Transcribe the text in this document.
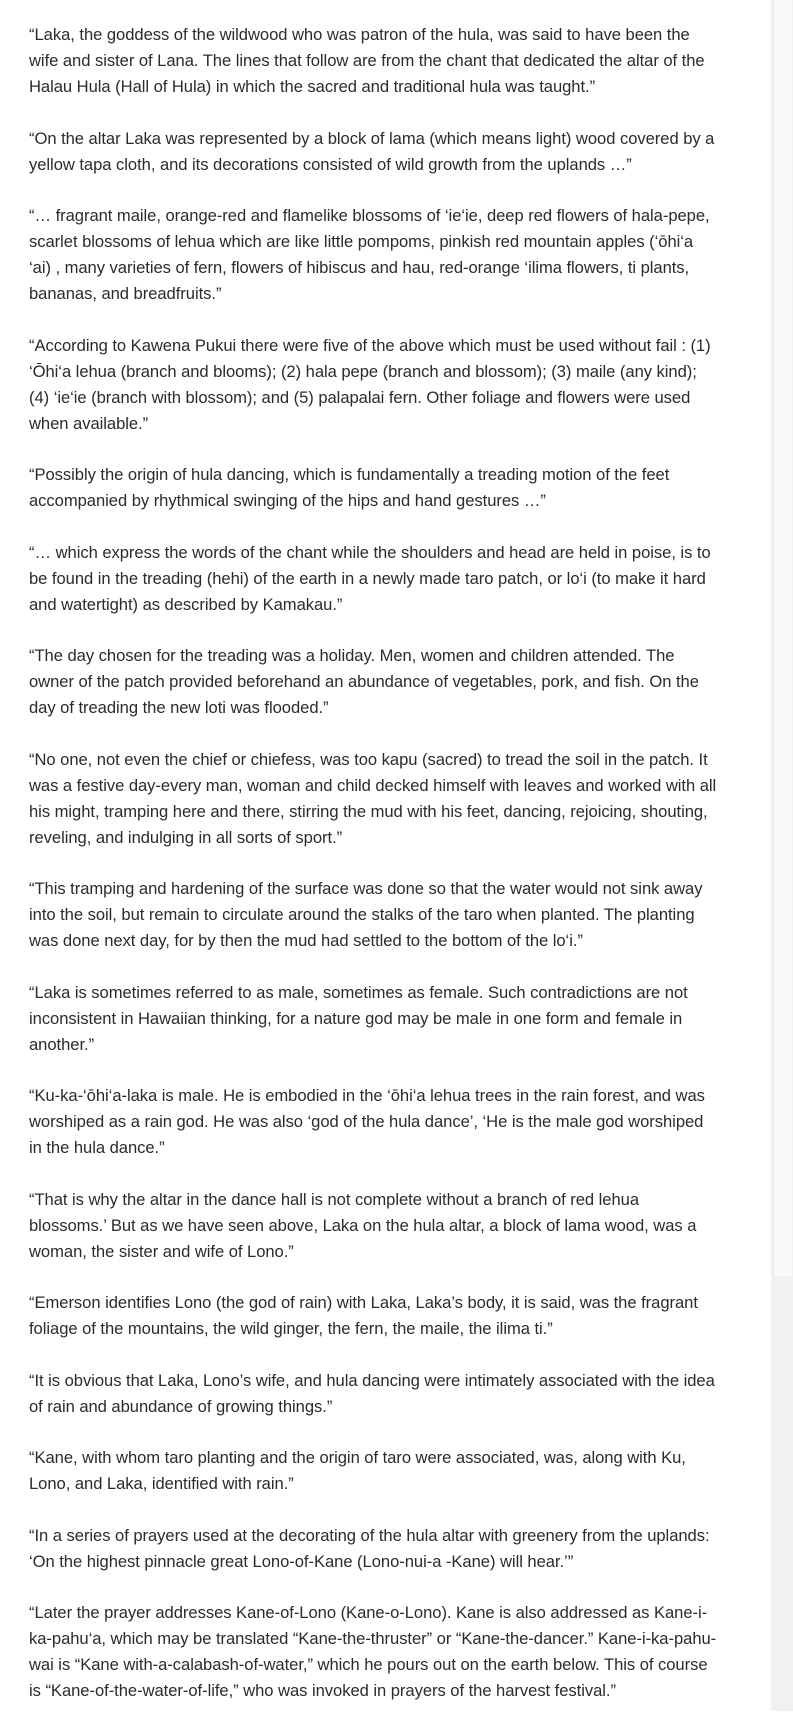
“Laka, the goddess of the wildwood who was patron of the hula, was said to have been the wife and sister of Lana. The lines that follow are from the chant that dedicated the altar of the Halau Hula (Hall of Hula) in which the sacred and traditional hula was taught.”

“On the altar Laka was represented by a block of lama (which means light) wood covered by a yellow tapa cloth, and its decorations consisted of wild growth from the uplands …”

“… fragrant maile, orange-red and flamelike blossoms of ‘ie‘ie, deep red flowers of hala-pepe, scarlet blossoms of lehua which are like little pompoms, pinkish red mountain apples (‘ōhi‘a ‘ai) , many varieties of fern, flowers of hibiscus and hau, red-orange ‘ilima flowers, ti plants, bananas, and breadfruits.”

“According to Kawena Pukui there were five of the above which must be used without fail : (1) ‘Ōhi‘a lehua (branch and blooms); (2) hala pepe (branch and blossom); (3) maile (any kind); (4) ‘ie‘ie (branch with blossom); and (5) palapalai fern. Other foliage and flowers were used when available.”

“Possibly the origin of hula dancing, which is fundamentally a treading motion of the feet accompanied by rhythmical swinging of the hips and hand gestures …”

“… which express the words of the chant while the shoulders and head are held in poise, is to be found in the treading (hehi) of the earth in a newly made taro patch, or lo‘i (to make it hard and watertight) as described by Kamakau.”

“The day chosen for the treading was a holiday. Men, women and children attended. The owner of the patch provided beforehand an abundance of vegetables, pork, and fish. On the day of treading the new loti was flooded.”

“No one, not even the chief or chiefess, was too kapu (sacred) to tread the soil in the patch. It was a festive day-every man, woman and child decked himself with leaves and worked with all his might, tramping here and there, stirring the mud with his feet, dancing, rejoicing, shouting, reveling, and indulging in all sorts of sport.”

“This tramping and hardening of the surface was done so that the water would not sink away into the soil, but remain to circulate around the stalks of the taro when planted. The planting was done next day, for by then the mud had settled to the bottom of the lo‘i.”

“Laka is sometimes referred to as male, sometimes as female. Such contradictions are not inconsistent in Hawaiian thinking, for a nature god may be male in one form and female in another.”

“Ku-ka-‘ōhi‘a-laka is male. He is embodied in the ‘ōhi‘a lehua trees in the rain forest, and was worshiped as a rain god. He was also ‘god of the hula dance’, ‘He is the male god worshiped in the hula dance.”

“That is why the altar in the dance hall is not complete without a branch of red lehua blossoms.’ But as we have seen above, Laka on the hula altar, a block of lama wood, was a woman, the sister and wife of Lono.”

“Emerson identifies Lono (the god of rain) with Laka, Laka’s body, it is said, was the fragrant foliage of the mountains, the wild ginger, the fern, the maile, the ilima ti.”

“It is obvious that Laka, Lono’s wife, and hula dancing were intimately associated with the idea of rain and abundance of growing things.”

“Kane, with whom taro planting and the origin of taro were associated, was, along with Ku, Lono, and Laka, identified with rain.”

“In a series of prayers used at the decorating of the hula altar with greenery from the uplands: ‘On the highest pinnacle great Lono-of-Kane (Lono-nui-a -Kane) will hear.’”

“Later the prayer addresses Kane-of-Lono (Kane-o-Lono). Kane is also addressed as Kane-i-ka-pahu‘a, which may be translated “Kane-the-thruster” or “Kane-the-dancer.” Kane-i-ka-pahu-wai is “Kane with-a-calabash-of-water,” which he pours out on the earth below. This of course is “Kane-of-the-water-of-life,” who was invoked in prayers of the harvest festival.”
